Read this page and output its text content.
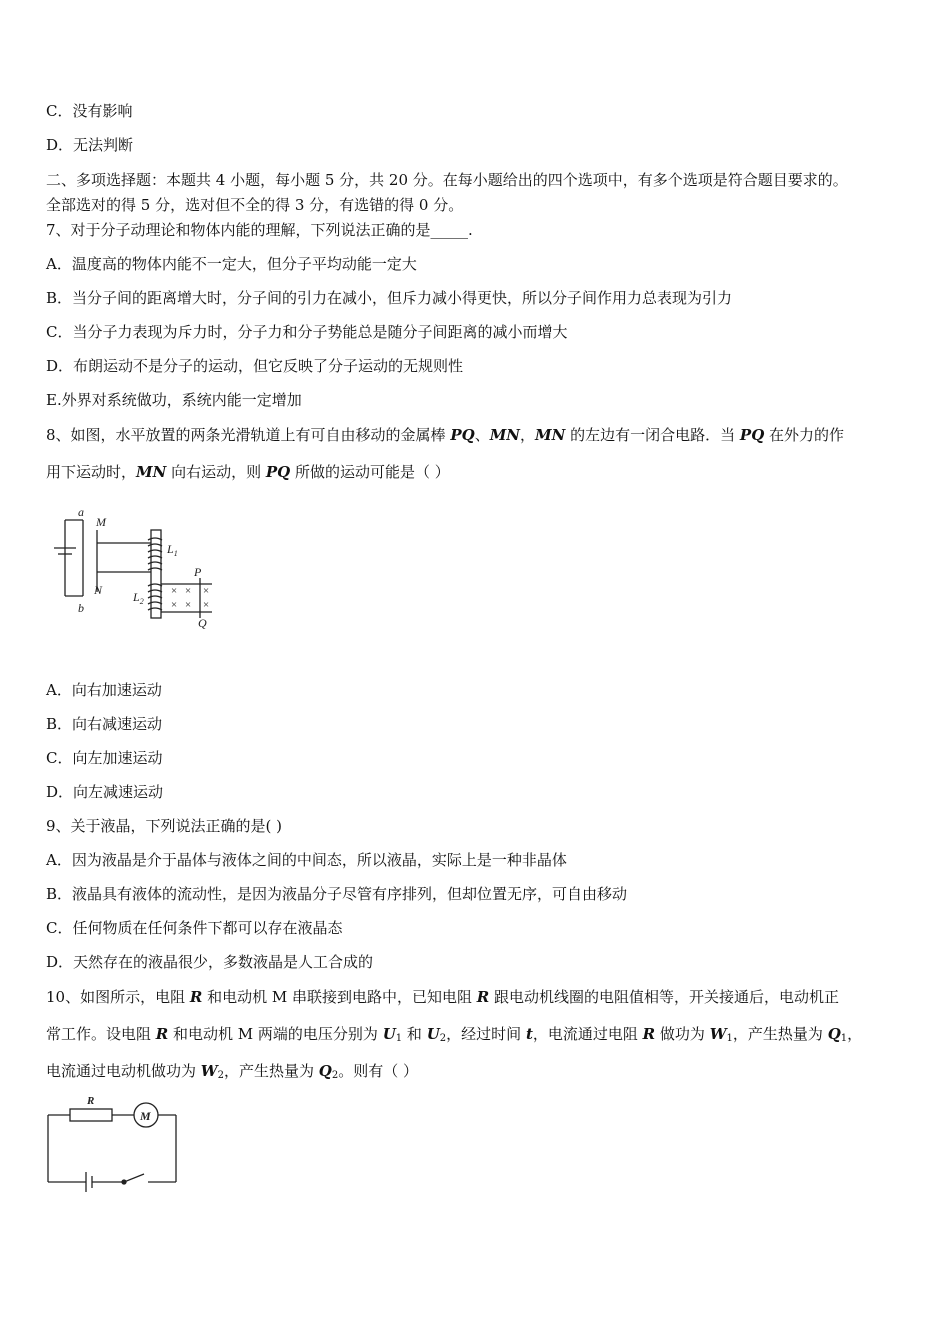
C．没有影响
D．无法判断
二、多项选择题：本题共 4 小题，每小题 5 分，共 20 分。在每小题给出的四个选项中，有多个选项是符合题目要求的。
全部选对的得 5 分，选对但不全的得 3 分，有选错的得 0 分。
7、对于分子动理论和物体内能的理解，下列说法正确的是_____.
A．温度高的物体内能不一定大，但分子平均动能一定大
B．当分子间的距离增大时，分子间的引力在减小，但斥力减小得更快，所以分子间作用力总表现为引力
C．当分子力表现为斥力时，分子力和分子势能总是随分子间距离的减小而增大
D．布朗运动不是分子的运动，但它反映了分子运动的无规则性
E.外界对系统做功，系统内能一定增加
8、如图，水平放置的两条光滑轨道上有可自由移动的金属棒 PQ、MN，MN 的左边有一闭合电路．当 PQ 在外力的作
用下运动时，MN 向右运动，则 PQ 所做的运动可能是（ ）
× × ×
× × ×
a
b
M
N
$L_1$
$L_2$
P
Q
A．向右加速运动
B．向右减速运动
C．向左加速运动
D．向左减速运动
9、关于液晶，下列说法正确的是( )
A．因为液晶是介于晶体与液体之间的中间态，所以液晶，实际上是一种非晶体
B．液晶具有液体的流动性，是因为液晶分子尽管有序排列，但却位置无序，可自由移动
C．任何物质在任何条件下都可以存在液晶态
D．天然存在的液晶很少，多数液晶是人工合成的
10、如图所示，电阻 R 和电动机 M 串联接到电路中，已知电阻 R 跟电动机线圈的电阻值相等，开关接通后，电动机正
常工作。设电阻 R 和电动机 M 两端的电压分别为 $U_1$ 和 $U_2$，经过时间 t，电流通过电阻 R 做功为 $W_1$，产生热量为 $Q_1$，
电流通过电动机做功为 $W_2$，产生热量为 $Q_2$。则有（ ）
R
M
